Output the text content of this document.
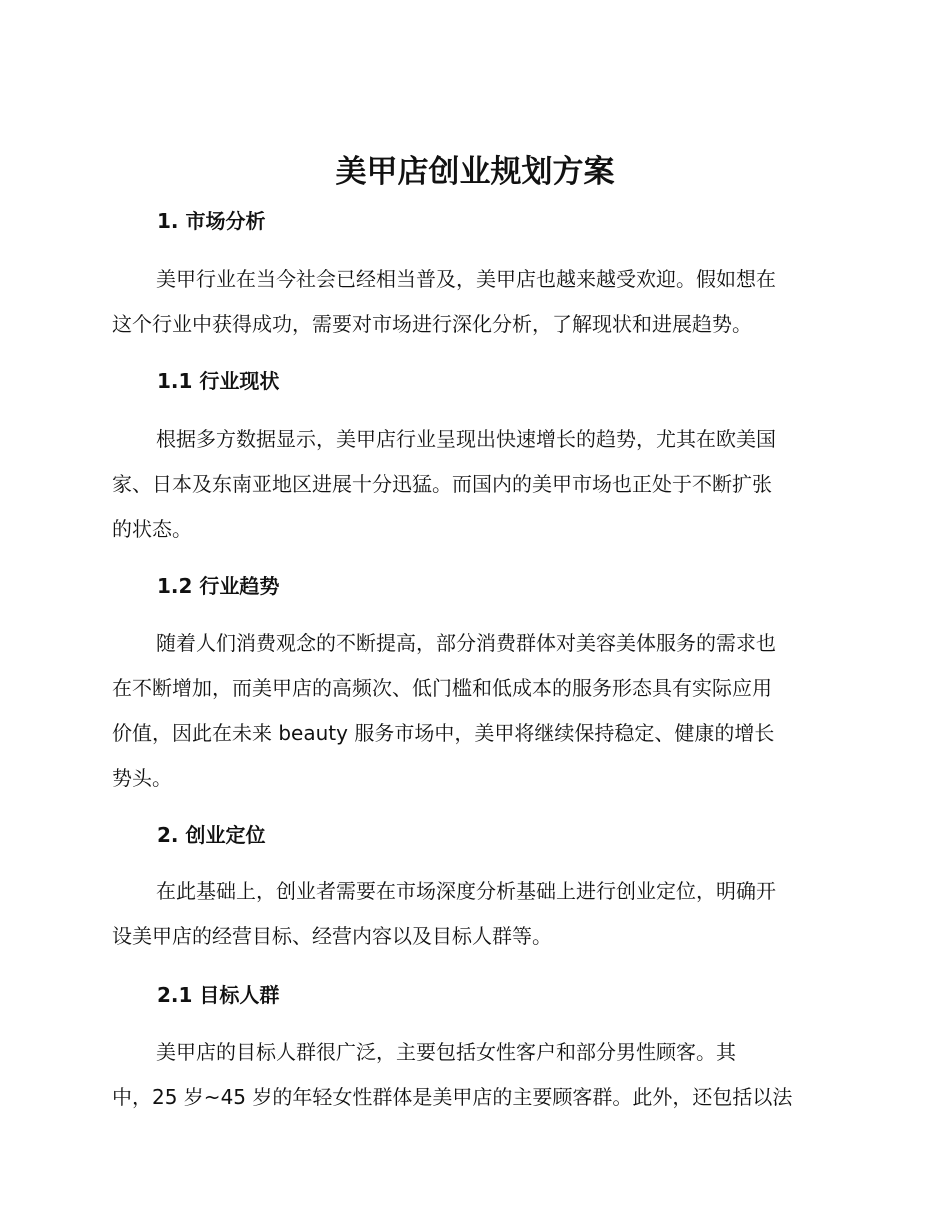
美甲店创业规划方案
1. 市场分析
美甲行业在当今社会已经相当普及，美甲店也越来越受欢迎。假如想在
这个行业中获得成功，需要对市场进行深化分析，了解现状和进展趋势。
1.1 行业现状
根据多方数据显示，美甲店行业呈现出快速增长的趋势，尤其在欧美国
家、日本及东南亚地区进展十分迅猛。而国内的美甲市场也正处于不断扩张
的状态。
1.2 行业趋势
随着人们消费观念的不断提高，部分消费群体对美容美体服务的需求也
在不断增加，而美甲店的高频次、低门槛和低成本的服务形态具有实际应用
价值，因此在未来 beauty 服务市场中，美甲将继续保持稳定、健康的增长
势头。
2. 创业定位
在此基础上，创业者需要在市场深度分析基础上进行创业定位，明确开
设美甲店的经营目标、经营内容以及目标人群等。
2.1 目标人群
美甲店的目标人群很广泛，主要包括女性客户和部分男性顾客。其
中，25 岁~45 岁的年轻女性群体是美甲店的主要顾客群。此外，还包括以法
